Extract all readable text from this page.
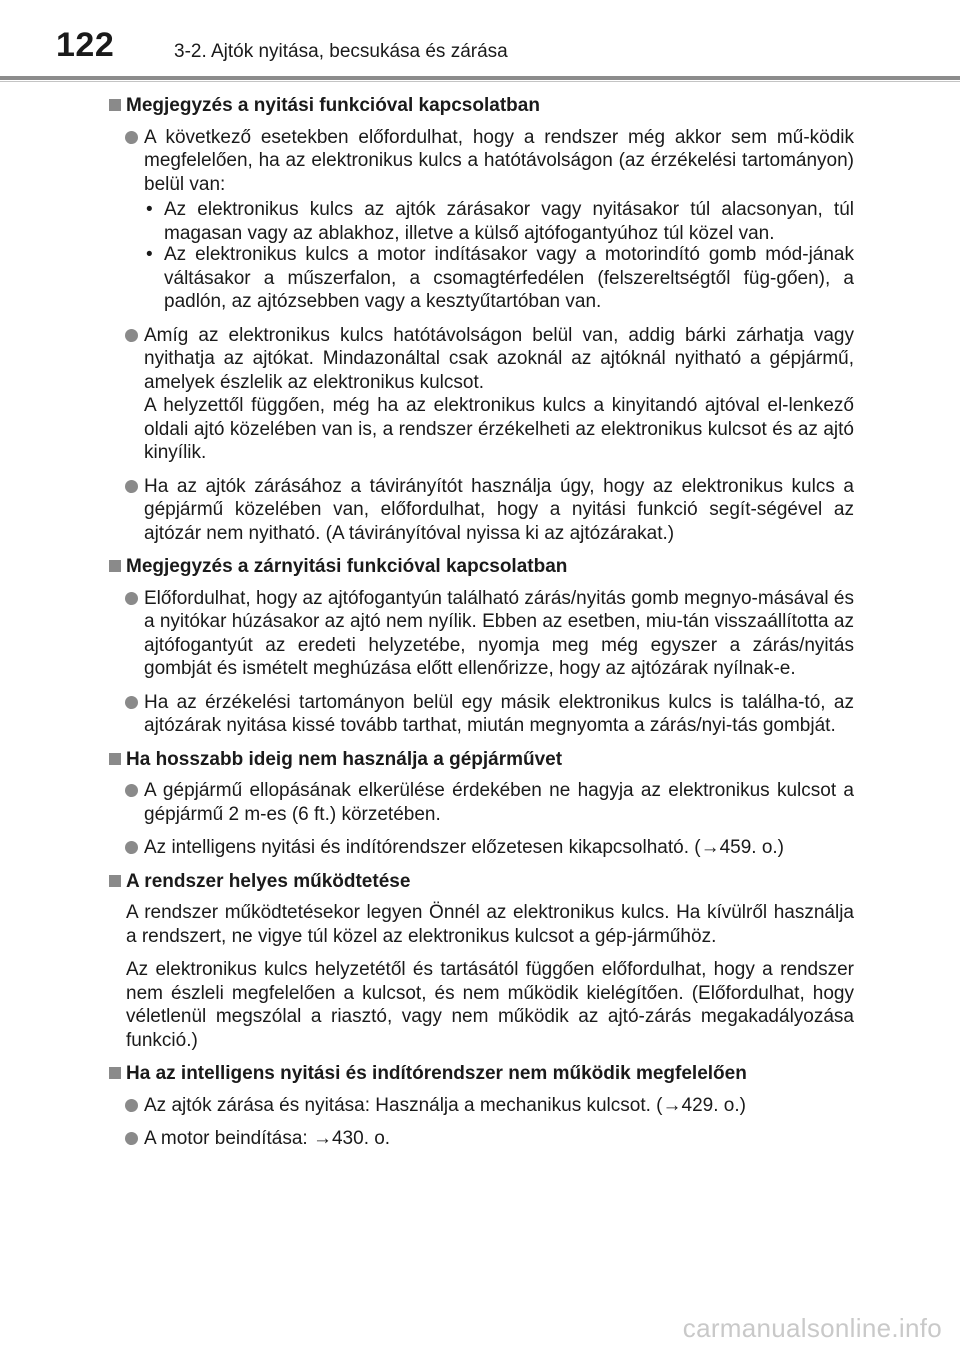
122	3-2. Ajtók nyitása, becsukása és zárása
Megjegyzés a nyitási funkcióval kapcsolatban
A következő esetekben előfordulhat, hogy a rendszer még akkor sem mű-ködik megfelelően, ha az elektronikus kulcs a hatótávolságon (az érzékelési tartományon) belül van:
• Az elektronikus kulcs az ajtók zárásakor vagy nyitásakor túl alacsonyan, túl magasan vagy az ablakhoz, illetve a külső ajtófogantyúhoz túl közel van.
• Az elektronikus kulcs a motor indításakor vagy a motorindító gomb mód-jának váltásakor a műszerfalon, a csomagtérfedélen (felszereltségtől füg-gően), a padlón, az ajtózsebben vagy a kesztyűtartóban van.
Amíg az elektronikus kulcs hatótávolságon belül van, addig bárki zárhatja vagy nyithatja az ajtókat. Mindazonáltal csak azoknál az ajtóknál nyitható a gépjármű, amelyek észlelik az elektronikus kulcsot.
A helyzettől függően, még ha az elektronikus kulcs a kinyitandó ajtóval el-lenkező oldali ajtó közelében van is, a rendszer érzékelheti az elektronikus kulcsot és az ajtó kinyílik.
Ha az ajtók zárásához a távirányítót használja úgy, hogy az elektronikus kulcs a gépjármű közelében van, előfordulhat, hogy a nyitási funkció segít-ségével az ajtózár nem nyitható. (A távirányítóval nyissa ki az ajtózárakat.)
Megjegyzés a zárnyitási funkcióval kapcsolatban
Előfordulhat, hogy az ajtófogantyún található zárás/nyitás gomb megnyo-másával és a nyitókar húzásakor az ajtó nem nyílik. Ebben az esetben, miu-tán visszaállította az ajtófogantyút az eredeti helyzetébe, nyomja meg még egyszer a zárás/nyitás gombját és ismételt meghúzása előtt ellenőrizze, hogy az ajtózárak nyílnak-e.
Ha az érzékelési tartományon belül egy másik elektronikus kulcs is találha-tó, az ajtózárak nyitása kissé tovább tarthat, miután megnyomta a zárás/nyi-tás gombját.
Ha hosszabb ideig nem használja a gépjárművet
A gépjármű ellopásának elkerülése érdekében ne hagyja az elektronikus kulcsot a gépjármű 2 m-es (6 ft.) körzetében.
Az intelligens nyitási és indítórendszer előzetesen kikapcsolható. (→459. o.)
A rendszer helyes működtetése
A rendszer működtetésekor legyen Önnél az elektronikus kulcs. Ha kívülről használja a rendszert, ne vigye túl közel az elektronikus kulcsot a gép-járműhöz.
Az elektronikus kulcs helyzetétől és tartásától függően előfordulhat, hogy a rendszer nem észleli megfelelően a kulcsot, és nem működik kielégítően. (Előfordulhat, hogy véletlenül megszólal a riasztó, vagy nem működik az ajtó-zárás megakadályozása funkció.)
Ha az intelligens nyitási és indítórendszer nem működik megfelelően
Az ajtók zárása és nyitása: Használja a mechanikus kulcsot. (→429. o.)
A motor beindítása: →430. o.
carmanualsonline.info
